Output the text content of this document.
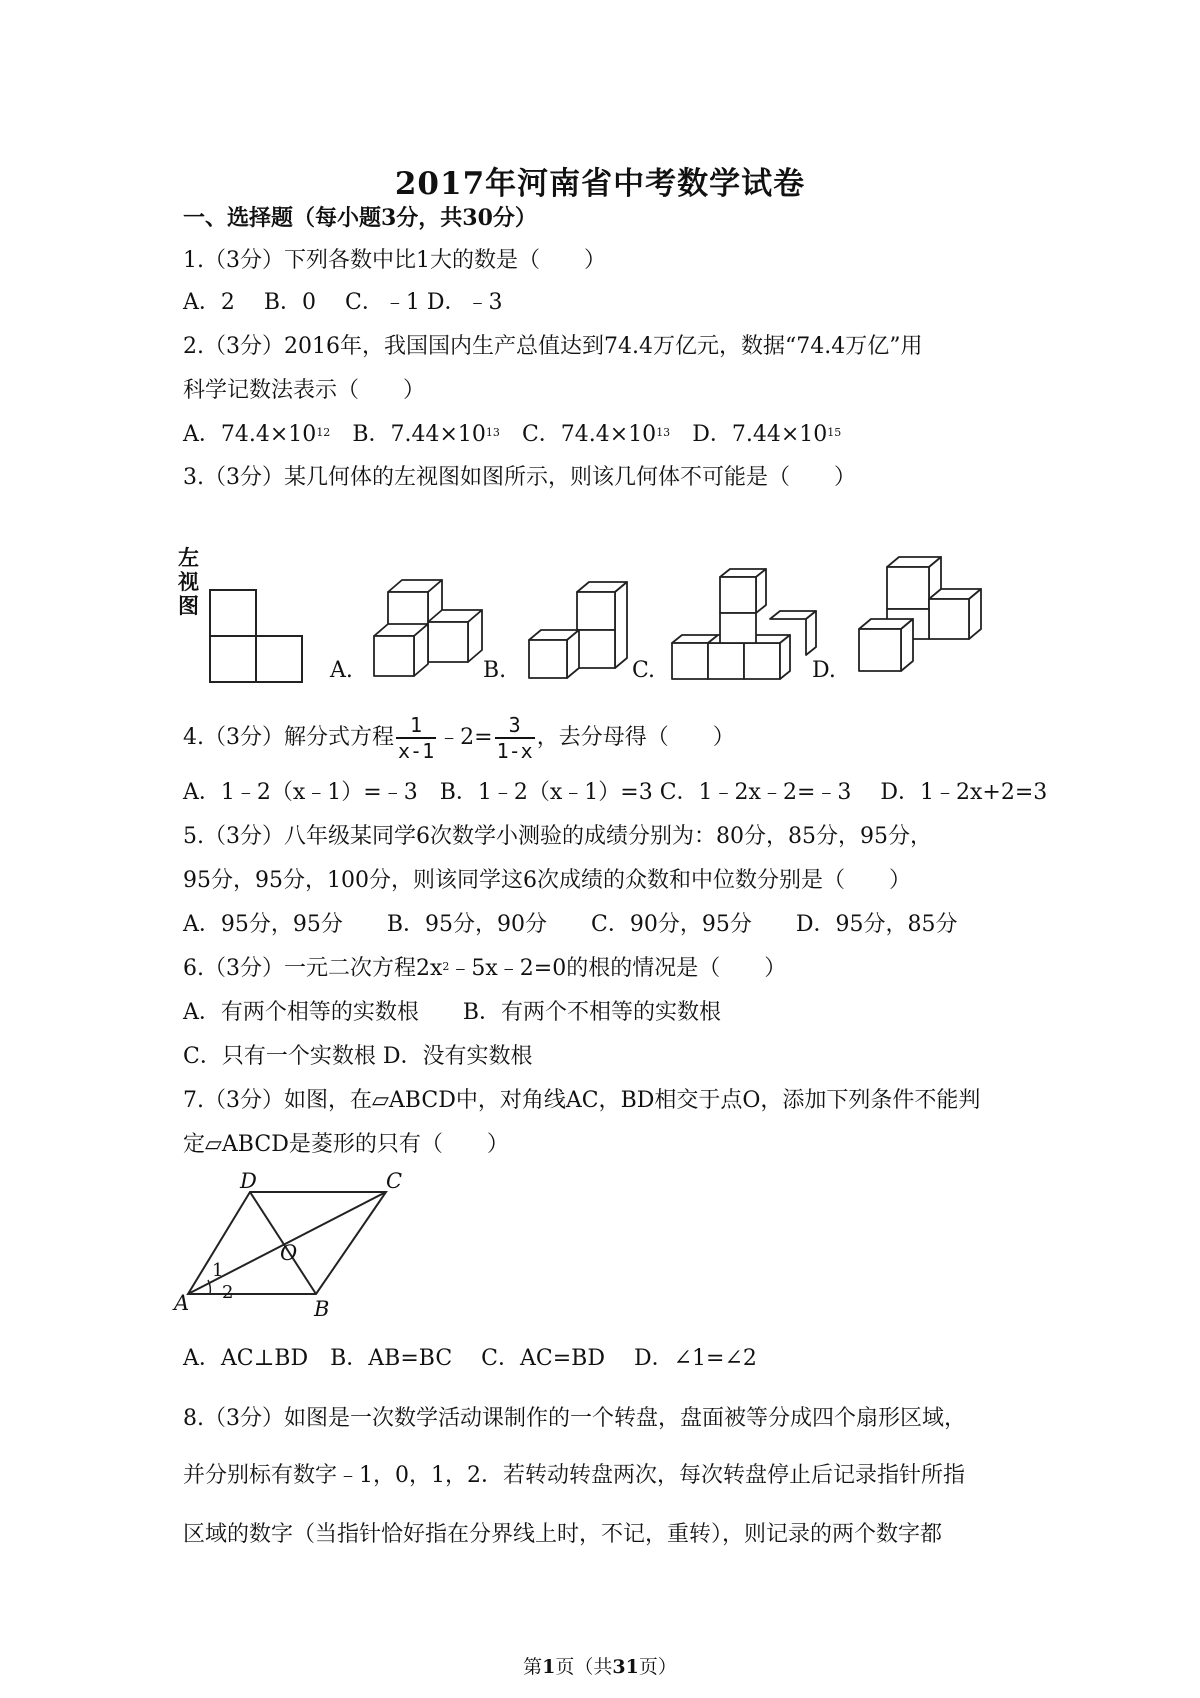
2017年河南省中考数学试卷
一、选择题（每小题3分，共30分）
1.（3分）下列各数中比1大的数是（　　）
A．2　 B．0　 C．﹣1 D．﹣3
2.（3分）2016年，我国国内生产总值达到74.4万亿元，数据“74.4万亿”用
科学记数法表示（　　）
A．$74.4\times 10^{12}$　 B．$7.44\times 10^{13}$　 C．$74.4\times 10^{13}$　 D．$7.44\times 10^{15}$
3.（3分）某几何体的左视图如图所示，则该几何体不可能是（　　）
左
视
图
A.	B.	C.	D.
4.（3分）解分式方程 $\frac{1}{x-1}$ ﹣2= $\frac{3}{1-x}$ ，去分母得（　　）
A．1﹣2（x﹣1）=﹣3　B．1﹣2（x﹣1）=3 C．1﹣2x﹣2=﹣3　 D．1﹣2x+2=3
5.（3分）八年级某同学6次数学小测验的成绩分别为：80分，85分，95分，
95分，95分，100分，则该同学这6次成绩的众数和中位数分别是（　　）
A．95分，95分　　B．95分，90分　　C．90分，95分　　D．95分，85分
6.（3分）一元二次方程$2x^2﹣5x﹣2=0$的根的情况是（　　）
A．有两个相等的实数根　　B．有两个不相等的实数根
C．只有一个实数根 D．没有实数根
7.（3分）如图，在▱ABCD中，对角线AC，BD相交于点O，添加下列条件不能判
定▱ABCD是菱形的只有（　　）
A	B
C
D
O
1
2
A．AC⊥BD　B．AB=BC　 C．AC=BD　 D．∠1=∠2
8.（3分）如图是一次数学活动课制作的一个转盘，盘面被等分成四个扇形区域，
并分别标有数字﹣1，0，1，2．若转动转盘两次，每次转盘停止后记录指针所指
区域的数字（当指针恰好指在分界线上时，不记，重转），则记录的两个数字都
第1页（共31页）
